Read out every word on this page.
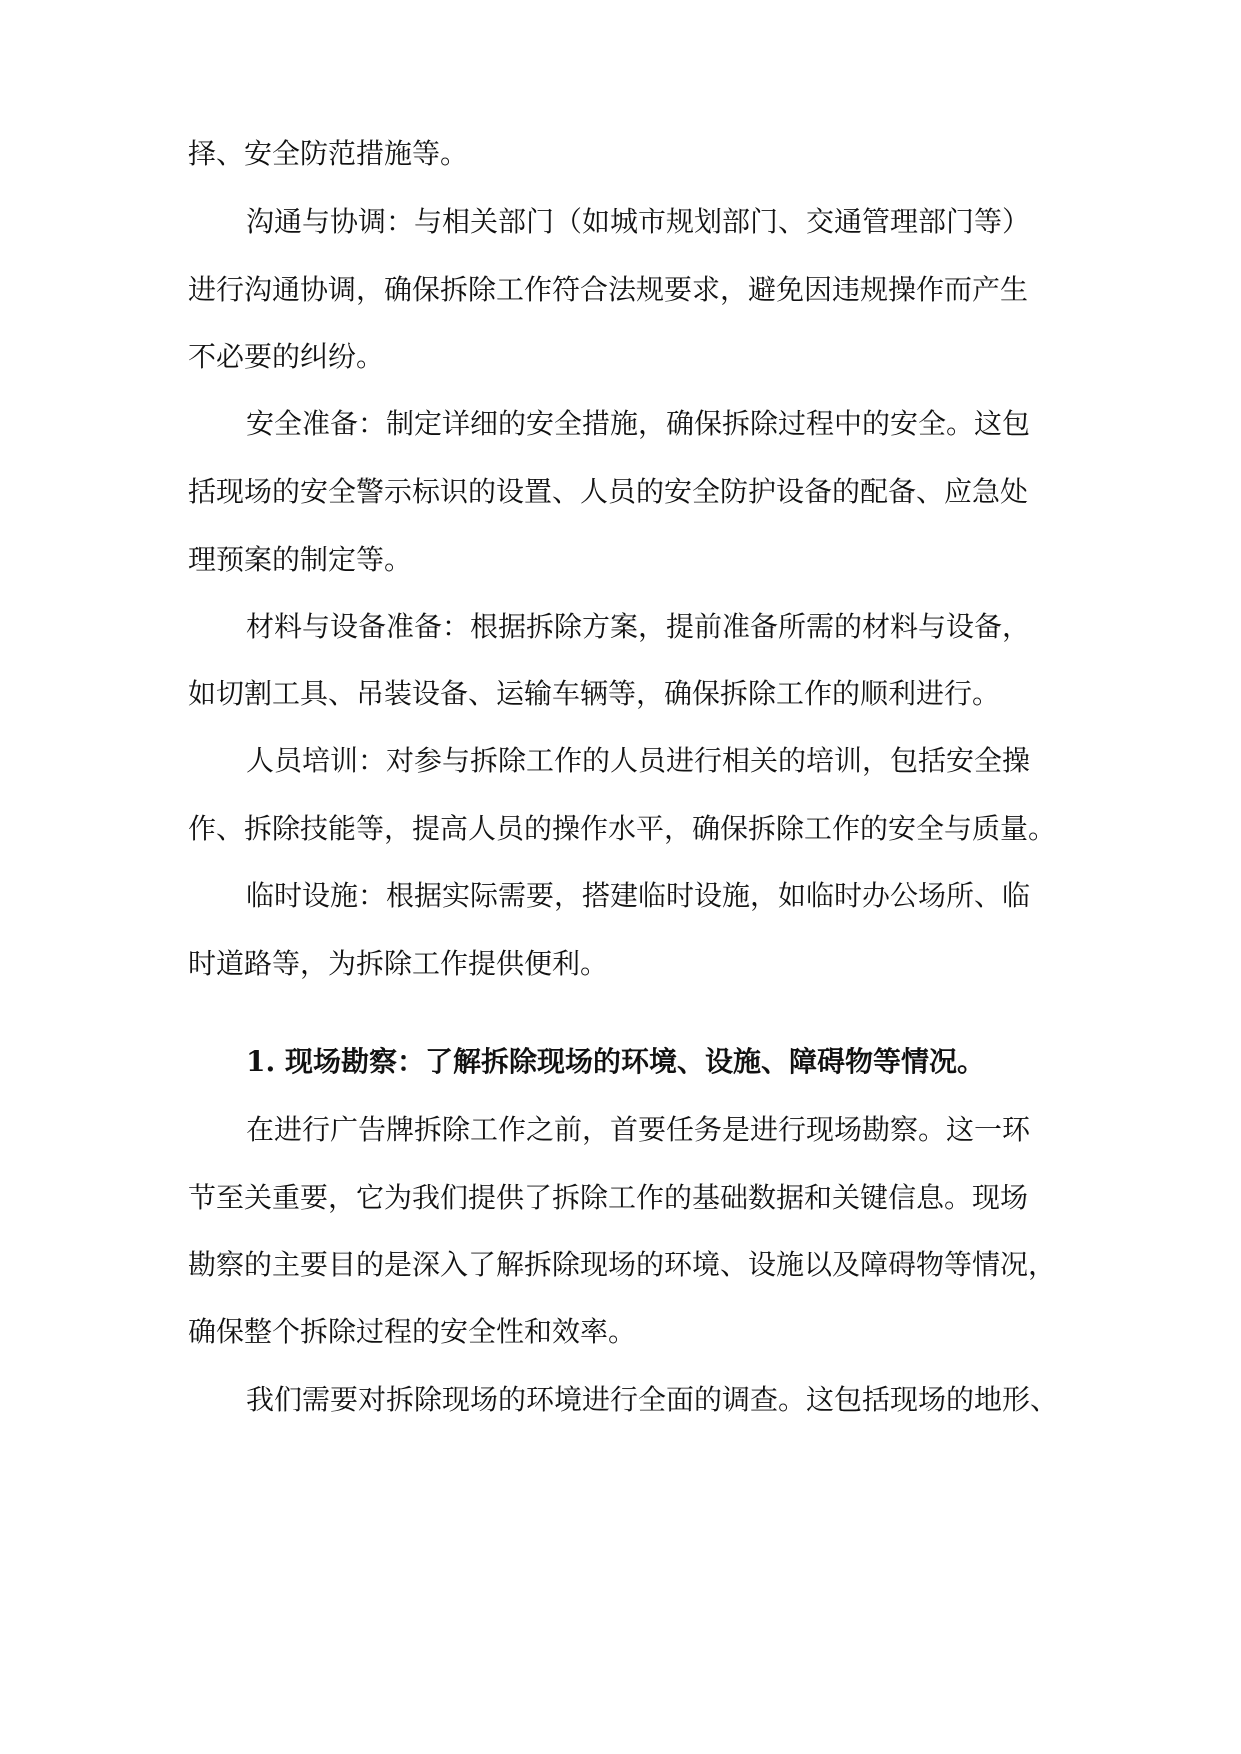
择、安全防范措施等。
沟通与协调：与相关部门（如城市规划部门、交通管理部门等）
进行沟通协调，确保拆除工作符合法规要求，避免因违规操作而产生
不必要的纠纷。
安全准备：制定详细的安全措施，确保拆除过程中的安全。这包
括现场的安全警示标识的设置、人员的安全防护设备的配备、应急处
理预案的制定等。
材料与设备准备：根据拆除方案，提前准备所需的材料与设备，
如切割工具、吊装设备、运输车辆等，确保拆除工作的顺利进行。
人员培训：对参与拆除工作的人员进行相关的培训，包括安全操
作、拆除技能等，提高人员的操作水平，确保拆除工作的安全与质量。
临时设施：根据实际需要，搭建临时设施，如临时办公场所、临
时道路等，为拆除工作提供便利。
1. 现场勘察：了解拆除现场的环境、设施、障碍物等情况。
在进行广告牌拆除工作之前，首要任务是进行现场勘察。这一环
节至关重要，它为我们提供了拆除工作的基础数据和关键信息。现场
勘察的主要目的是深入了解拆除现场的环境、设施以及障碍物等情况，
确保整个拆除过程的安全性和效率。
我们需要对拆除现场的环境进行全面的调查。这包括现场的地形、
